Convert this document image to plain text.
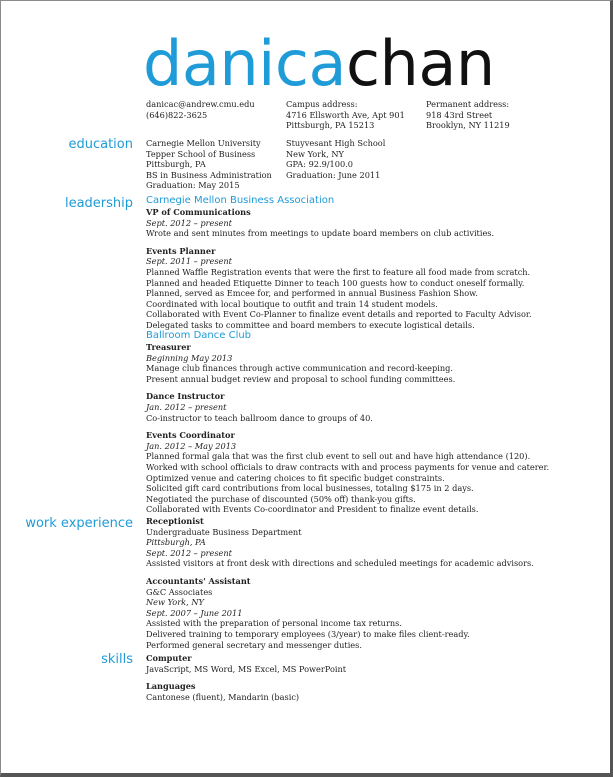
danicachan
danicac@andrew.cmu.edu
(646)822-3625
Campus address:
4716 Ellsworth Ave, Apt 901
Pittsburgh, PA 15213
Permanent address:
918 43rd Street
Brooklyn, NY 11219
education Carnegie Mellon University
Tepper School of Business
Pittsburgh, PA
BS in Business Administration
Graduation: May 2015
Stuyvesant High School
New York, NY
GPA: 92.9/100.0
Graduation: June 2011
leadership Carnegie Mellon Business Association
VP of Communications
Sept. 2012 – present
Wrote and sent minutes from meetings to update board members on club activities.
Events Planner
Sept. 2011 – present
Planned Waffle Registration events that were the first to feature all food made from scratch.
Planned and headed Etiquette Dinner to teach 100 guests how to conduct oneself formally.
Planned, served as Emcee for, and performed in annual Business Fashion Show.
Coordinated with local boutique to outfit and train 14 student models.
Collaborated with Event Co-Planner to finalize event details and reported to Faculty Advisor.
Delegated tasks to committee and board members to execute logistical details.
Ballroom Dance Club
Treasurer
Beginning May 2013
Manage club finances through active communication and record-keeping.
Present annual budget review and proposal to school funding committees.
Dance Instructor
Jan. 2012 – present
Co-instructor to teach ballroom dance to groups of 40.
Events Coordinator
Jan. 2012 – May 2013
Planned formal gala that was the first club event to sell out and have high attendance (120).
Worked with school officials to draw contracts with and process payments for venue and caterer.
Optimized venue and catering choices to fit specific budget constraints.
Solicited gift card contributions from local businesses, totaling $175 in 2 days.
Negotiated the purchase of discounted (50% off) thank-you gifts.
Collaborated with Events Co-coordinator and President to finalize event details.
work experience Receptionist
Undergraduate Business Department
Pittsburgh, PA
Sept. 2012 – present
Assisted visitors at front desk with directions and scheduled meetings for academic advisors.
Accountants' Assistant
G&C Associates
New York, NY
Sept. 2007 – June 2011
Assisted with the preparation of personal income tax returns.
Delivered training to temporary employees (3/year) to make files client-ready.
Performed general secretary and messenger duties.
skills Computer
JavaScript, MS Word, MS Excel, MS PowerPoint
Languages
Cantonese (fluent), Mandarin (basic)
